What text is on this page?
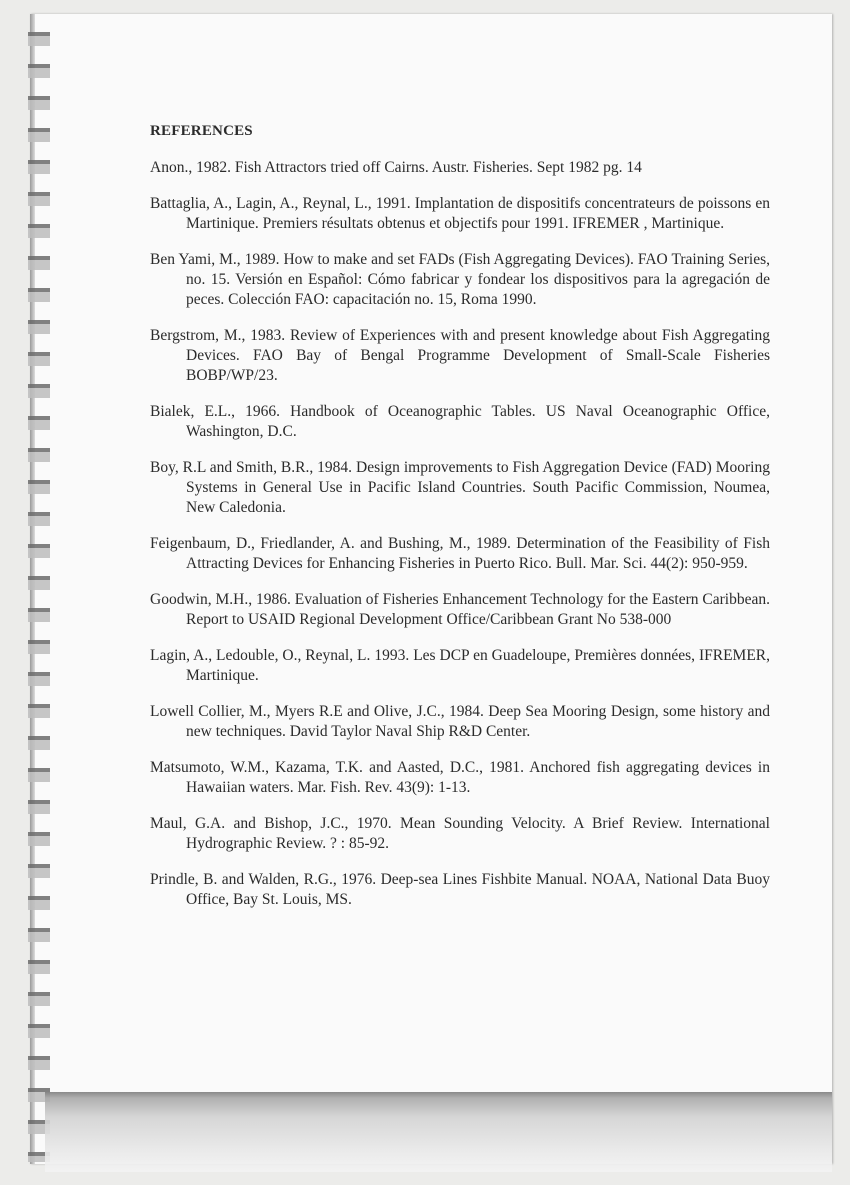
REFERENCES
Anon., 1982. Fish Attractors tried off Cairns. Austr. Fisheries. Sept 1982 pg. 14
Battaglia, A., Lagin, A., Reynal, L., 1991. Implantation de dispositifs concentrateurs de poissons en Martinique. Premiers résultats obtenus et objectifs pour 1991. IFREMER , Martinique.
Ben Yami, M., 1989. How to make and set FADs (Fish Aggregating Devices). FAO Training Series, no. 15. Versión en Español: Cómo fabricar y fondear los dispositivos para la agregación de peces. Colección FAO: capacitación no. 15, Roma 1990.
Bergstrom, M., 1983. Review of Experiences with and present knowledge about Fish Aggregating Devices. FAO Bay of Bengal Programme Development of Small-Scale Fisheries BOBP/WP/23.
Bialek, E.L., 1966. Handbook of Oceanographic Tables. US Naval Oceanographic Office, Washington, D.C.
Boy, R.L and Smith, B.R., 1984. Design improvements to Fish Aggregation Device (FAD) Mooring Systems in General Use in Pacific Island Countries. South Pacific Commission, Noumea, New Caledonia.
Feigenbaum, D., Friedlander, A. and Bushing, M., 1989. Determination of the Feasibility of Fish Attracting Devices for Enhancing Fisheries in Puerto Rico. Bull. Mar. Sci. 44(2): 950-959.
Goodwin, M.H., 1986. Evaluation of Fisheries Enhancement Technology for the Eastern Caribbean. Report to USAID Regional Development Office/Caribbean Grant No 538-000
Lagin, A., Ledouble, O., Reynal, L. 1993. Les DCP en Guadeloupe, Premières données, IFREMER, Martinique.
Lowell Collier, M., Myers R.E and Olive, J.C., 1984. Deep Sea Mooring Design, some history and new techniques. David Taylor Naval Ship R&D Center.
Matsumoto, W.M., Kazama, T.K. and Aasted, D.C., 1981. Anchored fish aggregating devices in Hawaiian waters. Mar. Fish. Rev. 43(9): 1-13.
Maul, G.A. and Bishop, J.C., 1970. Mean Sounding Velocity. A Brief Review. International Hydrographic Review. ? : 85-92.
Prindle, B. and Walden, R.G., 1976. Deep-sea Lines Fishbite Manual. NOAA, National Data Buoy Office, Bay St. Louis, MS.
